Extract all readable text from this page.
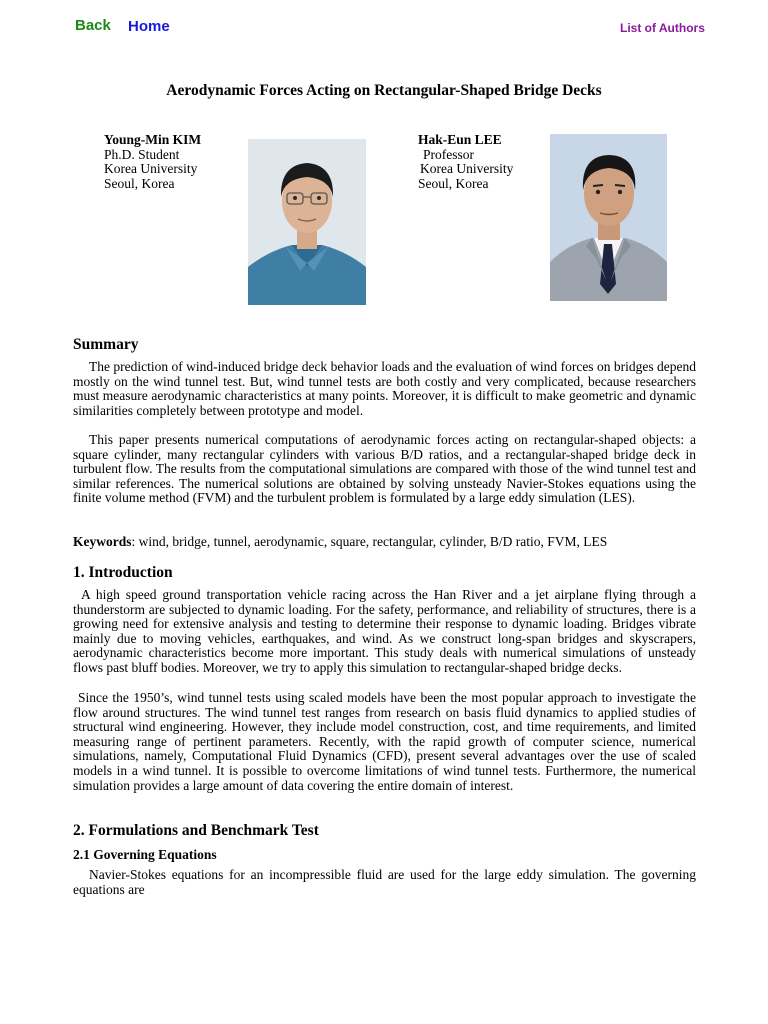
Back Home	List of Authors
Aerodynamic Forces Acting on Rectangular-Shaped Bridge Decks
Young-Min KIM
Ph.D. Student
Korea University
Seoul, Korea
Hak-Eun LEE
Professor
Korea University
Seoul, Korea
Summary

The prediction of wind-induced bridge deck behavior loads and the evaluation of wind forces on bridges depend mostly on the wind tunnel test. But, wind tunnel tests are both costly and very complicated, because researchers must measure aerodynamic characteristics at many points. Moreover, it is difficult to make geometric and dynamic similarities completely between prototype and model.

This paper presents numerical computations of aerodynamic forces acting on rectangular-shaped objects: a square cylinder, many rectangular cylinders with various B/D ratios, and a rectangular-shaped bridge deck in turbulent flow. The results from the computational simulations are compared with those of the wind tunnel test and similar references. The numerical solutions are obtained by solving unsteady Navier-Stokes equations using the finite volume method (FVM) and the turbulent problem is formulated by a large eddy simulation (LES).

Keywords: wind, bridge, tunnel, aerodynamic, square, rectangular, cylinder, B/D ratio, FVM, LES

1. Introduction

A high speed ground transportation vehicle racing across the Han River and a jet airplane flying through a thunderstorm are subjected to dynamic loading. For the safety, performance, and reliability of structures, there is a growing need for extensive analysis and testing to determine their response to dynamic loading. Bridges vibrate mainly due to moving vehicles, earthquakes, and wind. As we construct long-span bridges and skyscrapers, aerodynamic characteristics become more important. This study deals with numerical simulations of unsteady flows past bluff bodies. Moreover, we try to apply this simulation to rectangular-shaped bridge decks.

Since the 1950’s, wind tunnel tests using scaled models have been the most popular approach to investigate the flow around structures. The wind tunnel test ranges from research on basis fluid dynamics to applied studies of structural wind engineering. However, they include model construction, cost, and time requirements, and limited measuring range of pertinent parameters. Recently, with the rapid growth of computer science, numerical simulations, namely, Computational Fluid Dynamics (CFD), present several advantages over the use of scaled models in a wind tunnel. It is possible to overcome limitations of wind tunnel tests. Furthermore, the numerical simulation provides a large amount of data covering the entire domain of interest.

2. Formulations and Benchmark Test
2.1 Governing Equations

Navier-Stokes equations for an incompressible fluid are used for the large eddy simulation. The governing equations are
